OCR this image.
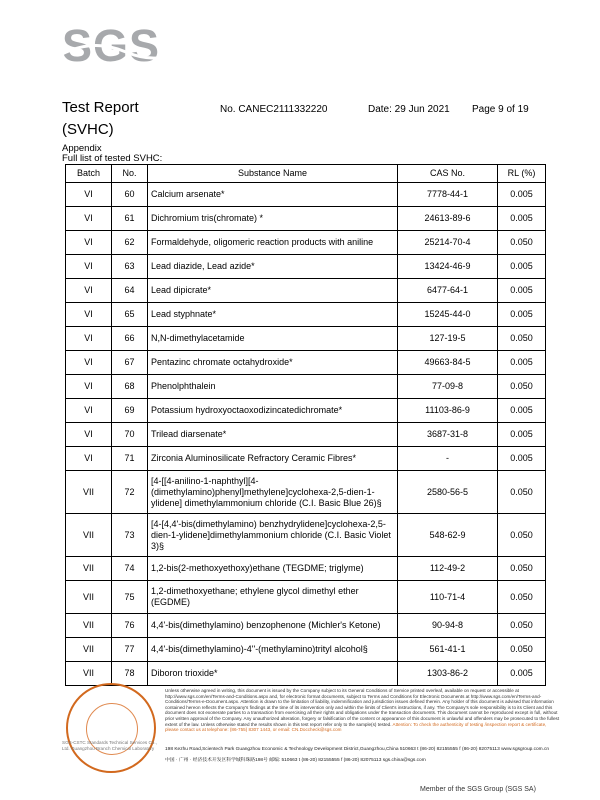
SGS
Test Report
(SVHC)
No. CANEC2111332220	Date: 29 Jun 2021 Page 9 of 19
Appendix
Full list of tested SVHC:
Batch	No.	Substance Name	CAS No.	RL (%)
VI	60	Calcium arsenate*	7778-44-1	0.005
VI	61	Dichromium tris(chromate) *	24613-89-6	0.005
VI	62	Formaldehyde, oligomeric reaction products with aniline	25214-70-4	0.050
VI	63	Lead diazide, Lead azide*	13424-46-9	0.005
VI	64	Lead dipicrate*	6477-64-1	0.005
VI	65	Lead styphnate*	15245-44-0	0.005
VI	66	N,N-dimethylacetamide	127-19-5	0.050
VI	67	Pentazinc chromate octahydroxide*	49663-84-5	0.005
VI	68	Phenolphthalein	77-09-8	0.050
VI	69	Potassium hydroxyoctaoxodizincatedichromate*	11103-86-9	0.005
VI	70	Trilead diarsenate*	3687-31-8	0.005
VI	71	Zirconia Aluminosilicate Refractory Ceramic Fibres*	-	0.005
VII	72	[4-[[4-anilino-1-naphthyl][4-(dimethylamino)phenyl]methylene]cyclohexa-2,5-dien-1-ylidene] dimethylammonium chloride (C.I. Basic Blue 26)§	2580-56-5	0.050
VII	73	[4-[4,4'-bis(dimethylamino) benzhydrylidene]cyclohexa-2,5-dien-1-ylidene]dimethylammonium chloride (C.I. Basic Violet 3)§	548-62-9	0.050
VII	74	1,2-bis(2-methoxyethoxy)ethane (TEGDME; triglyme)	112-49-2	0.050
VII	75	1,2-dimethoxyethane; ethylene glycol dimethyl ether (EGDME)	110-71-4	0.050
VII	76	4,4'-bis(dimethylamino) benzophenone (Michler's Ketone)	90-94-8	0.050
VII	77	4,4'-bis(dimethylamino)-4''-(methylamino)trityl alcohol§	561-41-1	0.050
VII	78	Diboron trioxide*	1303-86-2	0.005
SGS-CSTC Standards Technical Services Co., Ltd. Guangzhou Branch Chemical Laboratory
Unless otherwise agreed in writing, this document is issued by the Company subject to its General Conditions of Service printed overleaf, available on request or accessible at http://www.sgs.com/en/Terms-and-Conditions.aspx and, for electronic format documents, subject to Terms and Conditions for Electronic Documents at http://www.sgs.com/en/Terms-and-Conditions/Terms-e-Document.aspx. Attention is drawn to the limitation of liability, indemnification and jurisdiction issues defined therein. Any holder of this document is advised that information contained hereon reflects the Company's findings at the time of its intervention only and within the limits of Client's instructions, if any. The Company's sole responsibility is to its Client and this document does not exonerate parties to a transaction from exercising all their rights and obligations under the transaction documents. This document cannot be reproduced except in full, without prior written approval of the Company. Any unauthorized alteration, forgery or falsification of the content or appearance of this document is unlawful and offenders may be prosecuted to the fullest extent of the law. Unless otherwise stated the results shown in this test report refer only to the sample(s) tested. Attention: To check the authenticity of testing /inspection report & certificate, please contact us at telephone: (86-755) 8307 1443, or email: CN.Doccheck@sgs.com
198 Kezhu Road,Scientech Park Guangzhou Economic & Technology Development District,Guangzhou,China 510663 t (86-20) 82155555 f (86-20) 82075113 www.sgsgroup.com.cn
中国 · 广州 · 经济技术开发区科学城科珠路198号 邮编: 510663 t (86-20) 82155555 f (86-20) 82075113 sgs.china@sgs.com
Member of the SGS Group (SGS SA)
